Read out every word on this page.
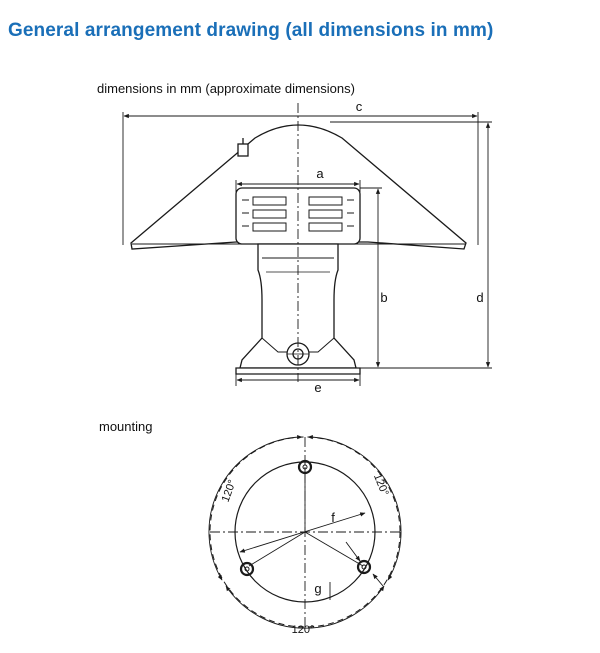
General arrangement drawing (all dimensions in mm)
dimensions in mm (approximate dimensions)
mounting
c
a
b	d
e
f
g
120°	120°
120°
